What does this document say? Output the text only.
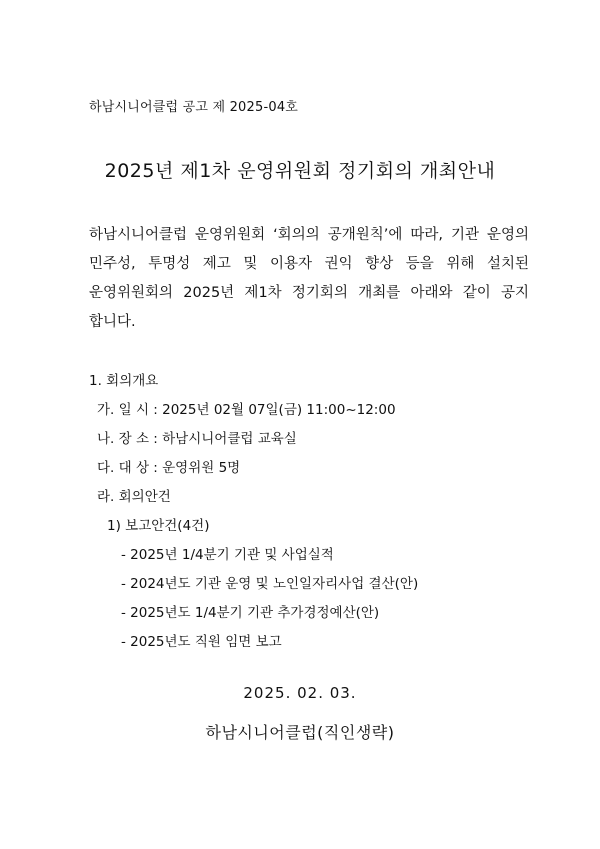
하남시니어클럽 공고 제 2025-04호
2025년 제1차 운영위원회 정기회의 개최안내
하남시니어클럽 운영위원회 ‘회의의 공개원칙’에 따라, 기관 운영의
민주성, 투명성 제고 및 이용자 권익 향상 등을 위해 설치된
운영위원회의 2025년 제1차 정기회의 개최를 아래와 같이 공지
합니다.
1. 회의개요
가. 일 시 : 2025년 02월 07일(금) 11:00~12:00
나. 장 소 : 하남시니어클럽 교육실
다. 대 상 : 운영위원 5명
라. 회의안건
1) 보고안건(4건)
- 2025년 1/4분기 기관 및 사업실적
- 2024년도 기관 운영 및 노인일자리사업 결산(안)
- 2025년도 1/4분기 기관 추가경정예산(안)
- 2025년도 직원 임면 보고
2025. 02. 03.
하남시니어클럽(직인생략)
